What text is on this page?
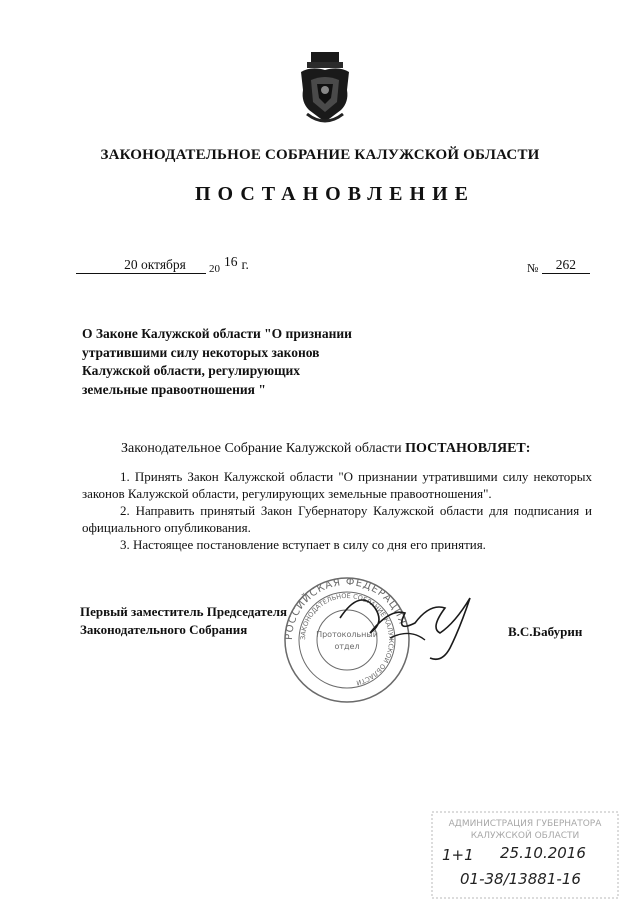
ЗАКОНОДАТЕЛЬНОЕ СОБРАНИЕ КАЛУЖСКОЙ ОБЛАСТИ
ПОСТАНОВЛЕНИЕ
20 октября $_{20}$ 16 г.	№ 262
О Законе Калужской области "О признании
утратившими силу некоторых законов
Калужской области, регулирующих
земельные правоотношения "
Законодательное Собрание Калужской области ПОСТАНОВЛЯЕТ:

1. Принять Закон Калужской области "О признании утратившими силу некоторых законов Калужской области, регулирующих земельные правоотношения".

2. Направить принятый Закон Губернатору Калужской области для подписания и официального опубликования.

3. Настоящее постановление вступает в силу со дня его принятия.

Первый заместитель Председателя
Законодательного Собрания	В.С.Бабурин
РОССИЙСКАЯ ФЕДЕРАЦИЯ
ЗАКОНОДАТЕЛЬНОЕ СОБРАНИЕ КАЛУЖСКОЙ ОБЛАСТИ
Протокольный
отдел
АДМИНИСТРАЦИЯ ГУБЕРНАТОРА
КАЛУЖСКОЙ ОБЛАСТИ
1+1 25.10.2016
01-38/13881-16
